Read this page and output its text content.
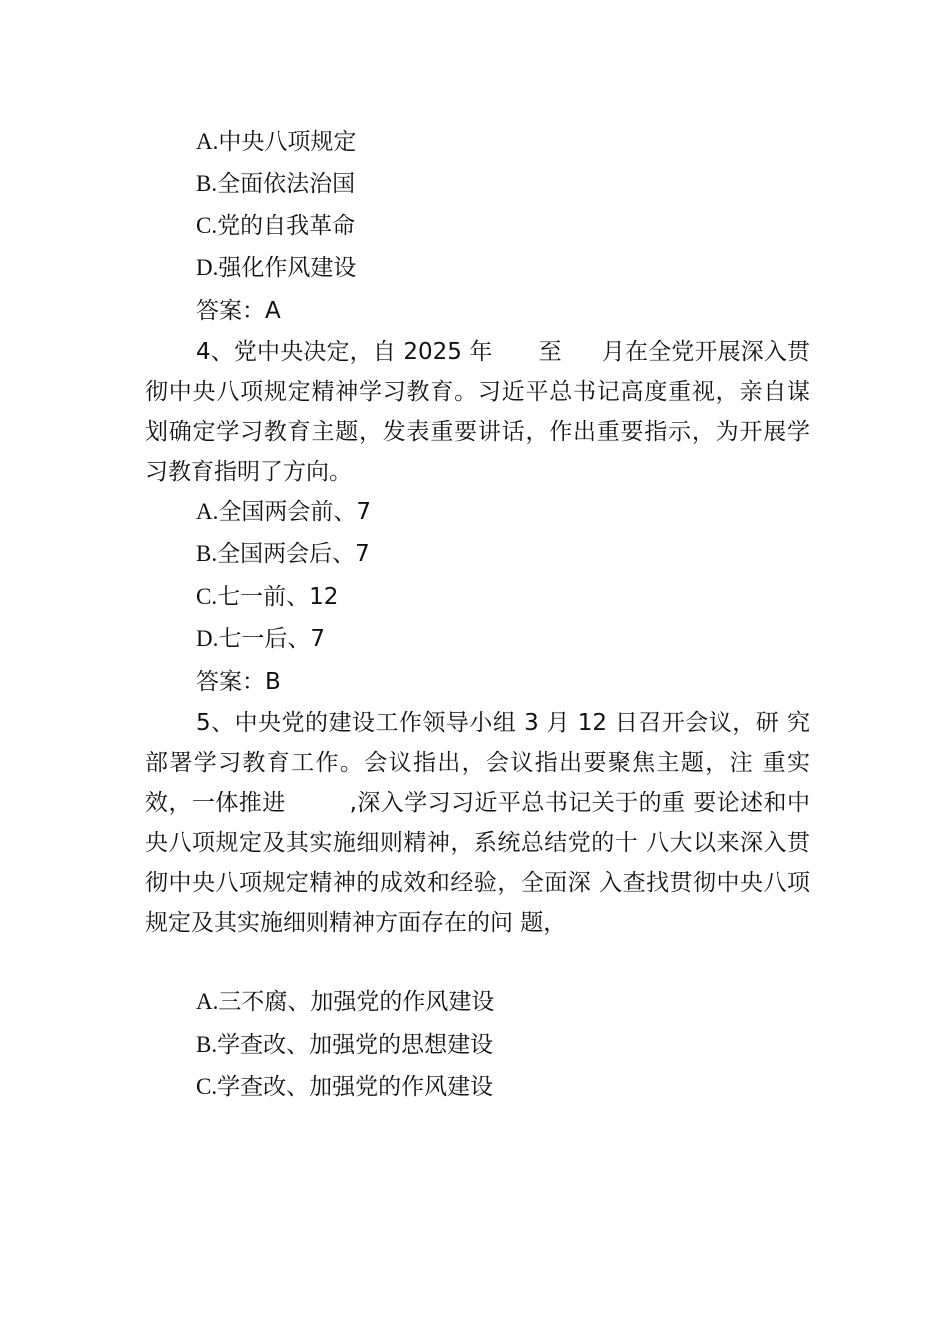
A.中央八项规定
B.全面依法治国
C.党的自我革命
D.强化作风建设
答案：A
4、党中央决定，自 2025 年 至 月在全党开展深入贯彻中央八项规定精神学习教育。习近平总书记高度重视，亲自谋划确定学习教育主题，发表重要讲话，作出重要指示，为开展学习教育指明了方向。
A.全国两会前、7
B.全国两会后、7
C.七一前、12
D.七一后、7
答案：B
5、中央党的建设工作领导小组 3 月 12 日召开会议，研 究部署学习教育工作。会议指出，会议指出要聚焦主题，注 重实效，一体推进	,深入学习习近平总书记关于的重 要论述和中央八项规定及其实施细则精神，系统总结党的十 八大以来深入贯彻中央八项规定精神的成效和经验，全面深 入查找贯彻中央八项规定及其实施细则精神方面存在的问 题，
A.三不腐、加强党的作风建设
B.学查改、加强党的思想建设
C.学查改、加强党的作风建设
